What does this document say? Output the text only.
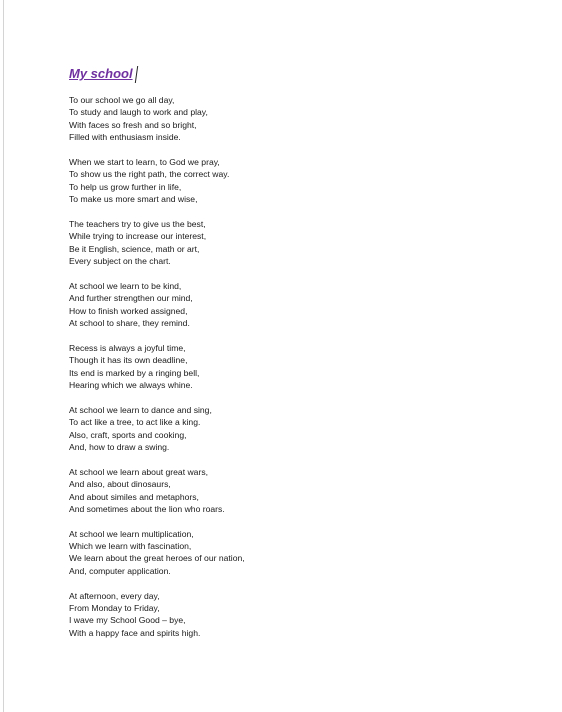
My school
To our school we go all day,
To study and laugh to work and play,
With faces so fresh and so bright,
Filled with enthusiasm inside.
When we start to learn, to God we pray,
To show us the right path, the correct way.
To help us grow further in life,
To make us more smart and wise,
The teachers try to give us the best,
While trying to increase our interest,
Be it English, science, math or art,
Every subject on the chart.
At school we learn to be kind,
And further strengthen our mind,
How to finish worked assigned,
At school to share, they remind.
Recess is always a joyful time,
Though it has its own deadline,
Its end is marked by a ringing bell,
Hearing which we always whine.
At school we learn to dance and sing,
To act like a tree, to act like a king.
Also, craft, sports and cooking,
And, how to draw a swing.
At school we learn about great wars,
And also, about dinosaurs,
And about similes and metaphors,
And sometimes about the lion who roars.
At school we learn multiplication,
Which we learn with fascination,
We learn about the great heroes of our nation,
And, computer application.
At afternoon, every day,
From Monday to Friday,
I wave my School Good – bye,
With a happy face and spirits high.
